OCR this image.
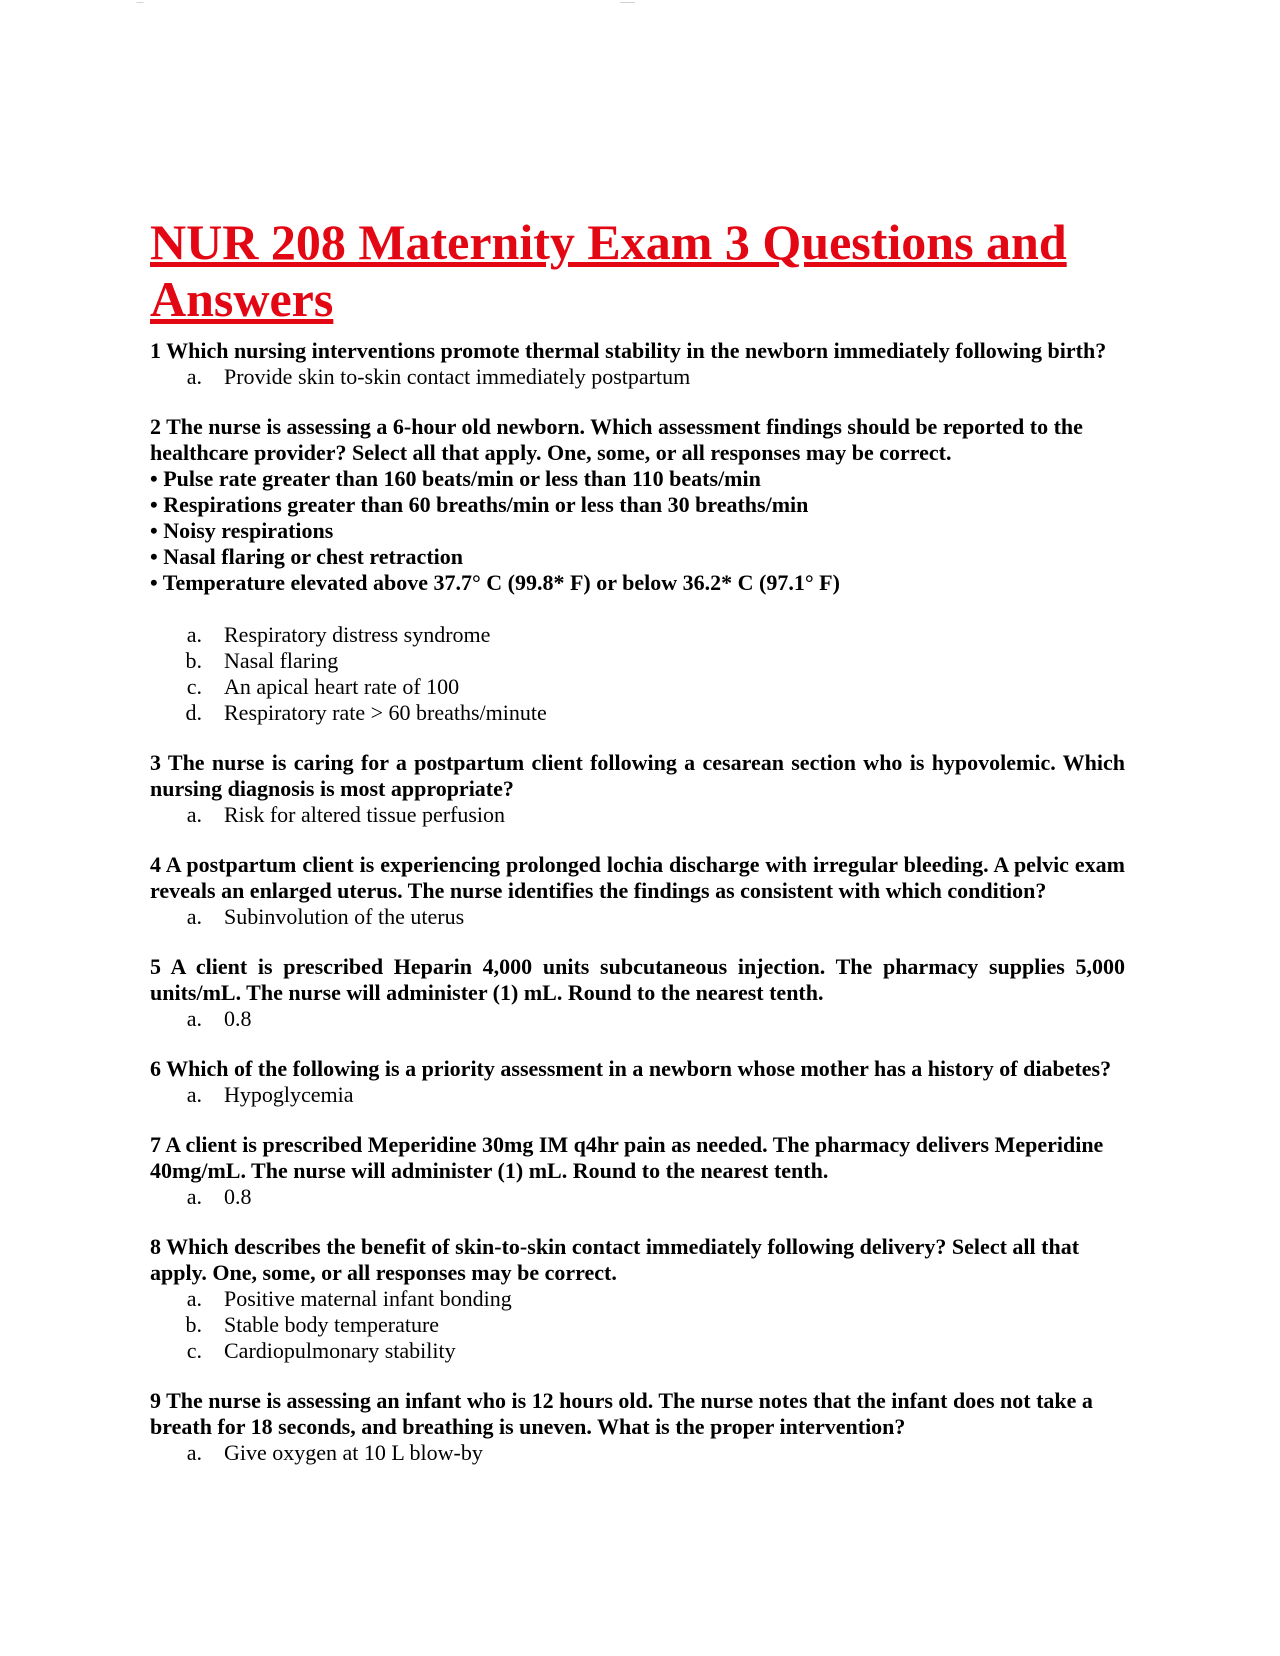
·—·	———
NUR 208 Maternity Exam 3 Questions and Answers

1 Which nursing interventions promote thermal stability in the newborn immediately following birth?

a.	Provide skin to-skin contact immediately postpartum

2 The nurse is assessing a 6-hour old newborn. Which assessment findings should be reported to the healthcare provider? Select all that apply. One, some, or all responses may be correct.

• Pulse rate greater than 160 beats/min or less than 110 beats/min
• Respirations greater than 60 breaths/min or less than 30 breaths/min
• Noisy respirations
• Nasal flaring or chest retraction
• Temperature elevated above 37.7° C (99.8* F) or below 36.2* C (97.1° F)
a.	Respiratory distress syndrome
b.	Nasal flaring
c.	An apical heart rate of 100
d.	Respiratory rate > 60 breaths/minute

3 The nurse is caring for a postpartum client following a cesarean section who is hypovolemic. Which nursing diagnosis is most appropriate?

a.	Risk for altered tissue perfusion

4 A postpartum client is experiencing prolonged lochia discharge with irregular bleeding. A pelvic exam reveals an enlarged uterus. The nurse identifies the findings as consistent with which condition?

a.	Subinvolution of the uterus

5 A client is prescribed Heparin 4,000 units subcutaneous injection. The pharmacy supplies 5,000 units/mL. The nurse will administer (1) mL. Round to the nearest tenth.

a.	0.8

6 Which of the following is a priority assessment in a newborn whose mother has a history of diabetes?

a.	Hypoglycemia

7 A client is prescribed Meperidine 30mg IM q4hr pain as needed. The pharmacy delivers Meperidine 40mg/mL. The nurse will administer (1) mL. Round to the nearest tenth.

a.	0.8

8 Which describes the benefit of skin-to-skin contact immediately following delivery? Select all that apply. One, some, or all responses may be correct.

a.	Positive maternal infant bonding
b.	Stable body temperature
c.	Cardiopulmonary stability

9 The nurse is assessing an infant who is 12 hours old. The nurse notes that the infant does not take a breath for 18 seconds, and breathing is uneven. What is the proper intervention?

a.	Give oxygen at 10 L blow-by
